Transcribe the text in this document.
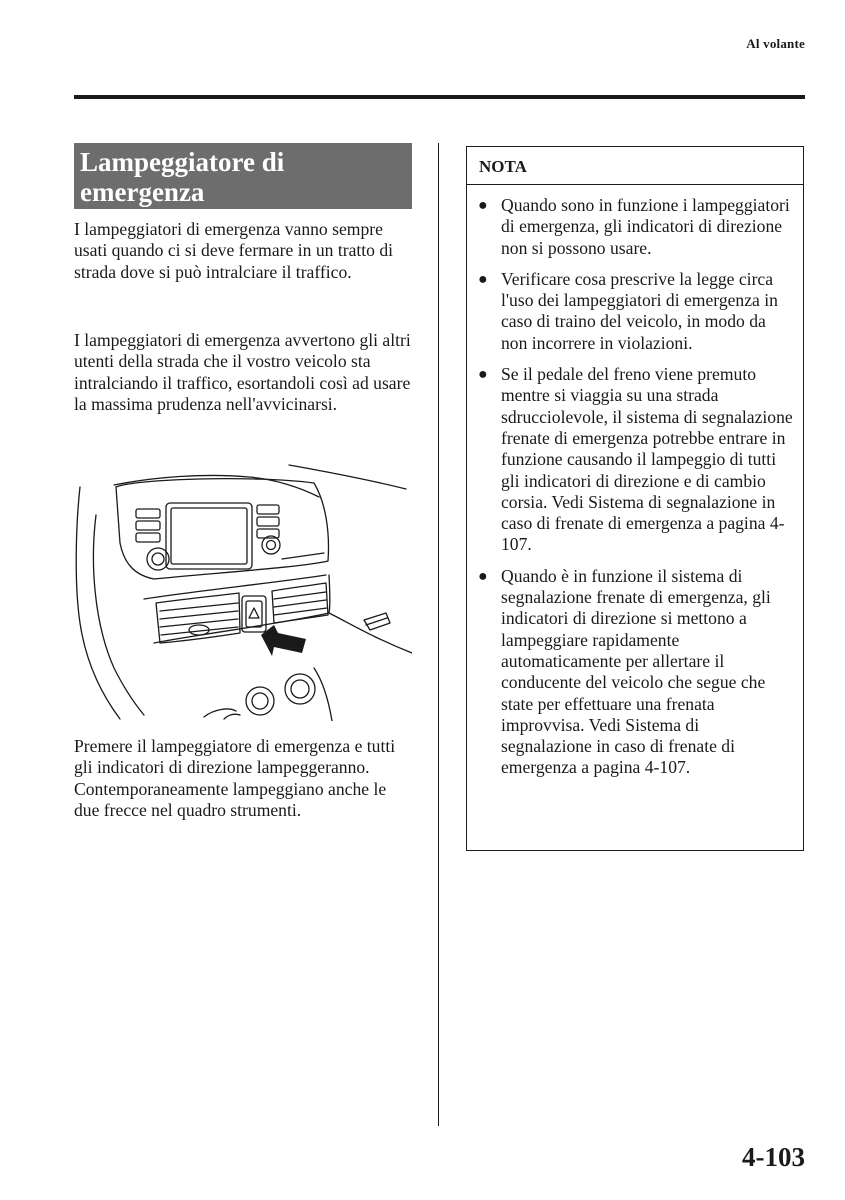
Al volante
Lampeggiatore di
emergenza

I lampeggiatori di emergenza vanno sempre usati quando ci si deve fermare in un tratto di strada dove si può intralciare il traffico.

I lampeggiatori di emergenza avvertono gli altri utenti della strada che il vostro veicolo sta intralciando il traffico, esortandoli così ad usare la massima prudenza nell'avvicinarsi.

Premere il lampeggiatore di emergenza e tutti gli indicatori di direzione lampeggeranno. Contemporaneamente lampeggiano anche le due frecce nel quadro strumenti.

NOTA
● Quando sono in funzione i lampeggiatori di emergenza, gli indicatori di direzione non si possono usare.
● Verificare cosa prescrive la legge circa l'uso dei lampeggiatori di emergenza in caso di traino del veicolo, in modo da non incorrere in violazioni.
● Se il pedale del freno viene premuto mentre si viaggia su una strada sdrucciolevole, il sistema di segnalazione frenate di emergenza potrebbe entrare in funzione causando il lampeggio di tutti gli indicatori di direzione e di cambio corsia. Vedi Sistema di segnalazione in caso di frenate di emergenza a pagina 4-107.
● Quando è in funzione il sistema di segnalazione frenate di emergenza, gli indicatori di direzione si mettono a lampeggiare rapidamente automaticamente per allertare il conducente del veicolo che segue che state per effettuare una frenata improvvisa. Vedi Sistema di segnalazione in caso di frenate di emergenza a pagina 4-107.
4-103
